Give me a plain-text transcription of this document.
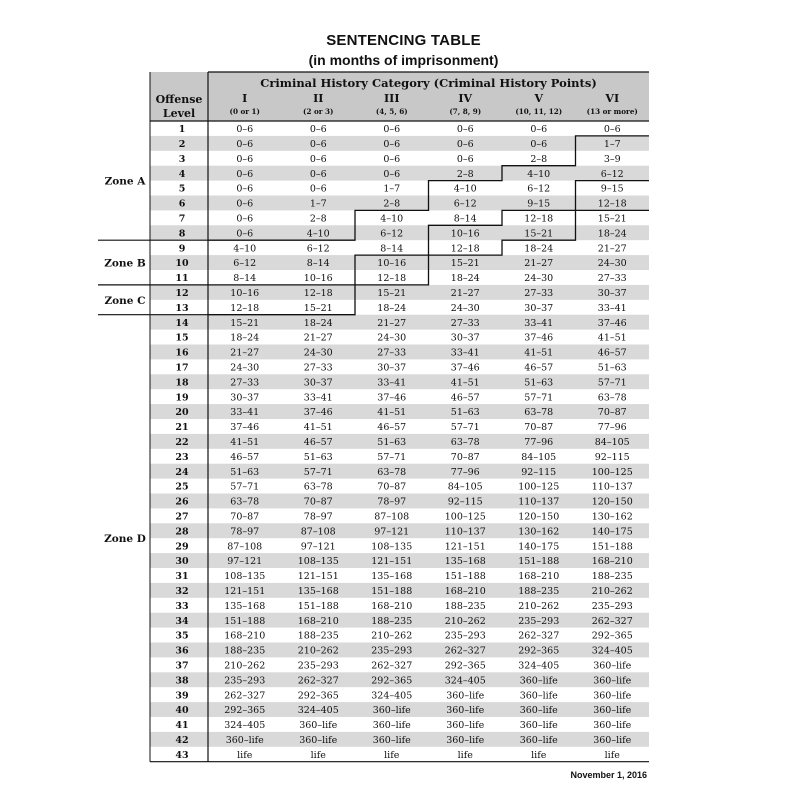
SENTENCING TABLE
(in months of imprisonment)
Criminal History Category (Criminal History Points)
Offense
Level
I
(0 or 1)
II
(2 or 3)
III
(4, 5, 6)
IV
(7, 8, 9)
V
(10, 11, 12)
VI
(13 or more)
1	0–6	0–6	0–6	0–6	0–6	0–6
2	0–6	0–6	0–6	0–6	0–6	1–7
3	0–6	0–6	0–6	0–6	2–8	3–9
4	0–6	0–6	0–6	2–8	4–10	6–12
5	0–6	0–6	1–7	4–10	6–12	9–15
6	0–6	1–7	2–8	6–12	9–15	12–18
7	0–6	2–8	4–10	8–14	12–18	15–21
8	0–6	4–10	6–12	10–16	15–21	18–24
9	4–10	6–12	8–14	12–18	18–24	21–27
10	6–12	8–14	10–16	15–21	21–27	24–30
11	8–14	10–16	12–18	18–24	24–30	27–33
12	10–16	12–18	15–21	21–27	27–33	30–37
13	12–18	15–21	18–24	24–30	30–37	33–41
14	15–21	18–24	21–27	27–33	33–41	37–46
15	18–24	21–27	24–30	30–37	37–46	41–51
16	21–27	24–30	27–33	33–41	41–51	46–57
17	24–30	27–33	30–37	37–46	46–57	51–63
18	27–33	30–37	33–41	41–51	51–63	57–71
19	30–37	33–41	37–46	46–57	57–71	63–78
20	33–41	37–46	41–51	51–63	63–78	70–87
21	37–46	41–51	46–57	57–71	70–87	77–96
22	41–51	46–57	51–63	63–78	77–96	84–105
23	46–57	51–63	57–71	70–87	84–105	92–115
24	51–63	57–71	63–78	77–96	92–115	100–125
25	57–71	63–78	70–87	84–105	100–125	110–137
26	63–78	70–87	78–97	92–115	110–137	120–150
27	70–87	78–97	87–108	100–125	120–150	130–162
28	78–97	87–108	97–121	110–137	130–162	140–175
29	87–108	97–121	108–135	121–151	140–175	151–188
30	97–121	108–135	121–151	135–168	151–188	168–210
31	108–135	121–151	135–168	151–188	168–210	188–235
32	121–151	135–168	151–188	168–210	188–235	210–262
33	135–168	151–188	168–210	188–235	210–262	235–293
34	151–188	168–210	188–235	210–262	235–293	262–327
35	168–210	188–235	210–262	235–293	262–327	292–365
36	188–235	210–262	235–293	262–327	292–365	324–405
37	210–262	235–293	262–327	292–365	324–405	360–life
38	235–293	262–327	292–365	324–405	360–life	360–life
39	262–327	292–365	324–405	360–life	360–life	360–life
40	292–365	324–405	360–life	360–life	360–life	360–life
41	324–405	360–life	360–life	360–life	360–life	360–life
42	360–life	360–life	360–life	360–life	360–life	360–life
43	life	life	life	life	life	life
Zone A
Zone B
Zone C
Zone D
November 1, 2016
